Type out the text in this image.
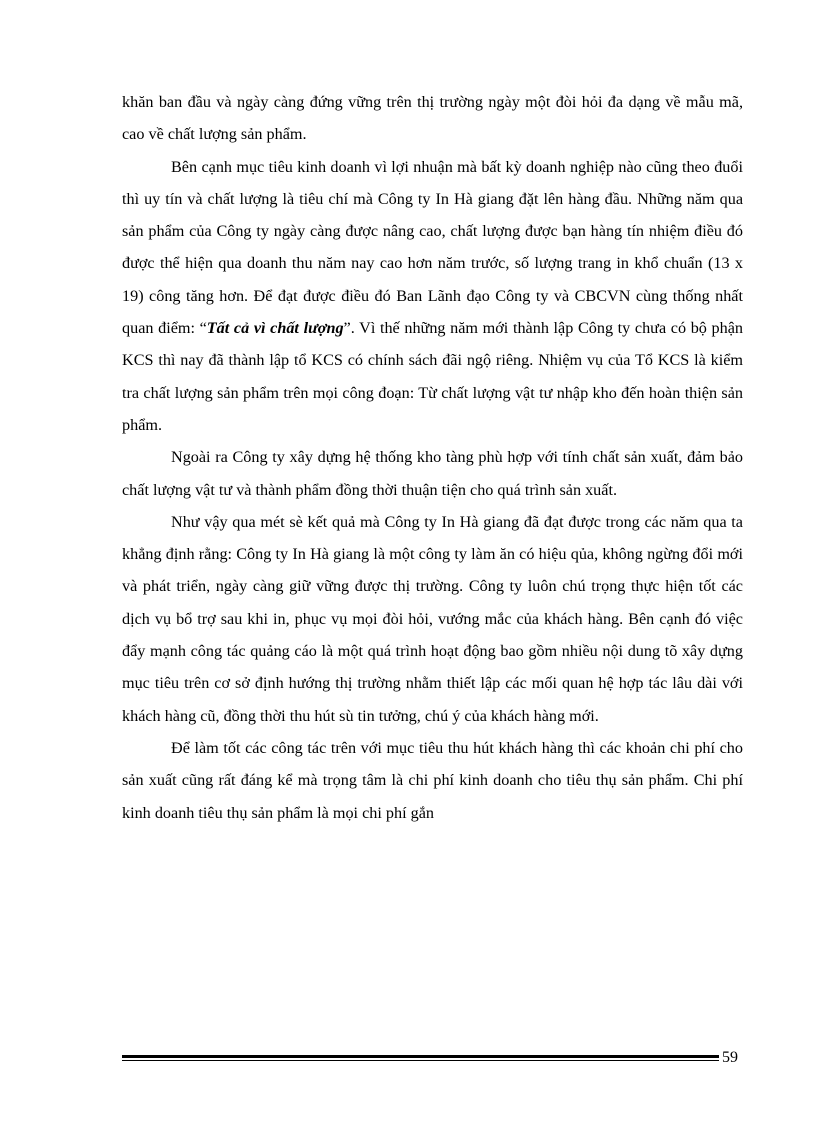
khăn ban đầu và ngày càng đứng vững trên thị trường ngày một đòi hỏi đa dạng về mẫu mã, cao về chất lượng sản phẩm.

Bên cạnh mục tiêu kinh doanh vì lợi nhuận mà bất kỳ doanh nghiệp nào cũng theo đuổi thì uy tín và chất lượng là tiêu chí mà Công ty In Hà giang đặt lên hàng đầu. Những năm qua sản phẩm của Công ty ngày càng được nâng cao, chất lượng được bạn hàng tín nhiệm điều đó được thể hiện qua doanh thu năm nay cao hơn năm trước, số lượng trang in khổ chuẩn (13 x 19) công tăng hơn. Để đạt được điều đó Ban Lãnh đạo Công ty và CBCVN cùng thống nhất quan điểm: “Tất cả vì chất lượng”. Vì thế những năm mới thành lập Công ty chưa có bộ phận KCS thì nay đã thành lập tổ KCS có chính sách đãi ngộ riêng. Nhiệm vụ của Tổ KCS là kiểm tra chất lượng sản phẩm trên mọi công đoạn: Từ chất lượng vật tư nhập kho đến hoàn thiện sản phẩm.

Ngoài ra Công ty xây dựng hệ thống kho tàng phù hợp với tính chất sản xuất, đảm bảo chất lượng vật tư và thành phẩm đồng thời thuận tiện cho quá trình sản xuất.

Như vậy qua mét sè kết quả mà Công ty In Hà giang đã đạt được trong các năm qua ta khẳng định rằng: Công ty In Hà giang là một công ty làm ăn có hiệu qủa, không ngừng đổi mới và phát triển, ngày càng giữ vững được thị trường. Công ty luôn chú trọng thực hiện tốt các dịch vụ bổ trợ sau khi in, phục vụ mọi đòi hỏi, vướng mắc của khách hàng. Bên cạnh đó việc đẩy mạnh công tác quảng cáo là một quá trình hoạt động bao gồm nhiều nội dung tõ xây dựng mục tiêu trên cơ sở định hướng thị trường nhằm thiết lập các mối quan hệ hợp tác lâu dài với khách hàng cũ, đồng thời thu hút sù tin tưởng, chú ý của khách hàng mới.

Để làm tốt các công tác trên với mục tiêu thu hút khách hàng thì các khoản chi phí cho sản xuất cũng rất đáng kể mà trọng tâm là chi phí kinh doanh cho tiêu thụ sản phẩm. Chi phí kinh doanh tiêu thụ sản phẩm là mọi chi phí gắn

59
